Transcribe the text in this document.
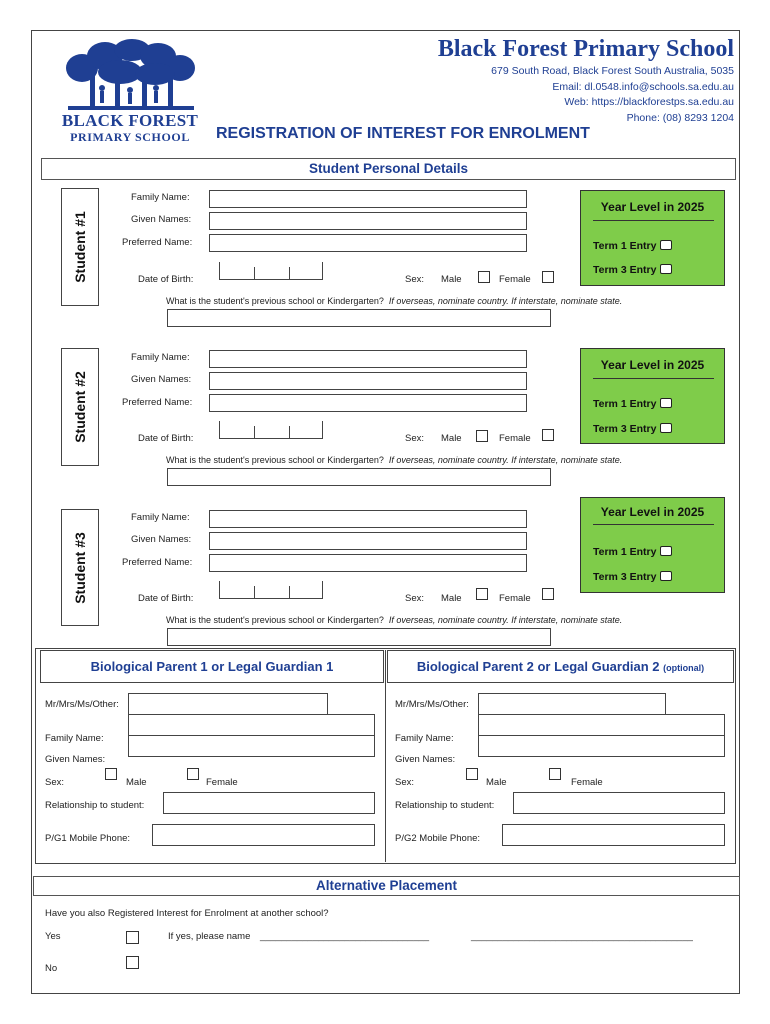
BLACK FOREST
PRIMARY SCHOOL
Black Forest Primary School
679 South Road, Black Forest South Australia, 5035
Email: dl.0548.info@schools.sa.edu.au
Web: https://blackforestps.sa.edu.au
Phone: (08) 8293 1204
REGISTRATION OF INTEREST FOR ENROLMENT
Student Personal Details
Student #1
Family Name:
Given Names:
Preferred Name:
Date of Birth:	Sex: Male	Female
What is the student's previous school or Kindergarten? If overseas, nominate country. If interstate, nominate state.
Year Level in 2025
Term 1 Entry
Term 3 Entry
Student #2
Family Name:
Given Names:
Preferred Name:
Date of Birth:	Sex: Male	Female
What is the student's previous school or Kindergarten? If overseas, nominate country. If interstate, nominate state.
Year Level in 2025
Term 1 Entry
Term 3 Entry
Student #3
Family Name:
Given Names:
Preferred Name:
Date of Birth:	Sex: Male	Female
What is the student's previous school or Kindergarten? If overseas, nominate country. If interstate, nominate state.
Year Level in 2025
Term 1 Entry
Term 3 Entry
Biological Parent 1 or Legal Guardian 1	Biological Parent 2 or Legal Guardian 2 (optional)
Mr/Mrs/Ms/Other:
Family Name:
Given Names:
Sex:	Male	Female
Relationship to student:
P/G1 Mobile Phone:
Mr/Mrs/Ms/Other:
Family Name:
Given Names:
Sex:	Male	Female
Relationship to student:
P/G2 Mobile Phone:
Alternative Placement
Have you also Registered Interest for Enrolment at another school?
Yes	If yes, please name ________________________________	__________________________________________
No
